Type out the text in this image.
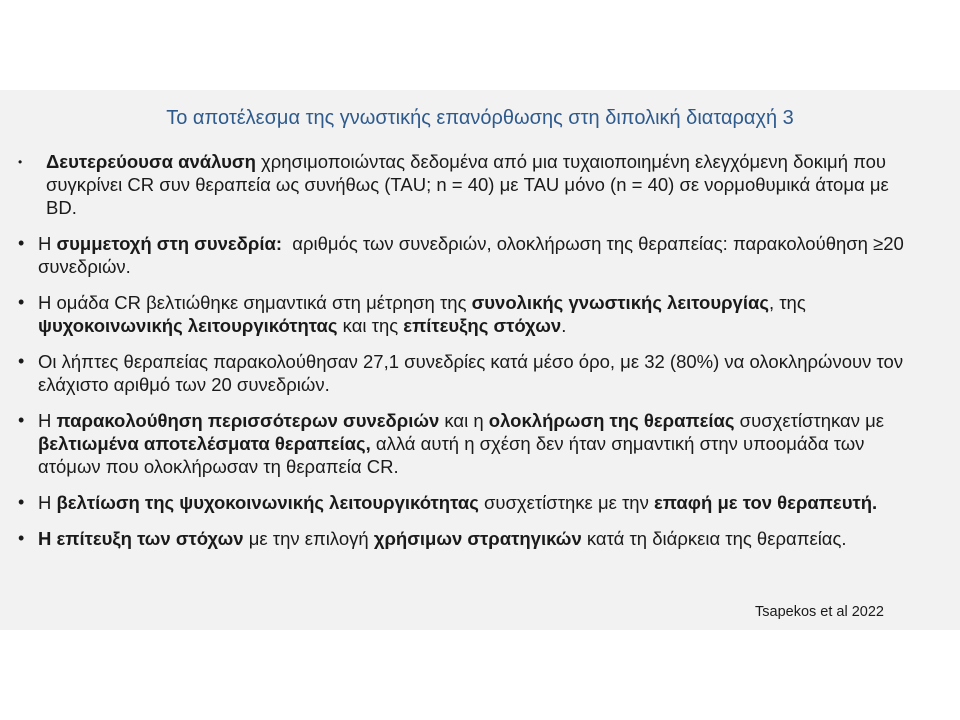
Το αποτέλεσμα της γνωστικής επανόρθωσης στη διπολική διαταραχή 3
• Δευτερεύουσα ανάλυση χρησιμοποιώντας δεδομένα από μια τυχαιοποιημένη ελεγχόμενη δοκιμή που συγκρίνει CR συν θεραπεία ως συνήθως (TAU; n = 40) με TAU μόνο (n = 40) σε νορμοθυμικά άτομα με BD.
• Η συμμετοχή στη συνεδρία:  αριθμός των συνεδριών, ολοκλήρωση της θεραπείας: παρακολούθηση ≥20 συνεδριών.
• Η ομάδα CR βελτιώθηκε σημαντικά στη μέτρηση της συνολικής γνωστικής λειτουργίας, της ψυχοκοινωνικής λειτουργικότητας και της επίτευξης στόχων.
• Οι λήπτες θεραπείας παρακολούθησαν 27,1 συνεδρίες κατά μέσο όρο, με 32 (80%) να ολοκληρώνουν τον ελάχιστο αριθμό των 20 συνεδριών.
• Η παρακολούθηση περισσότερων συνεδριών και η ολοκλήρωση της θεραπείας συσχετίστηκαν με βελτιωμένα αποτελέσματα θεραπείας, αλλά αυτή η σχέση δεν ήταν σημαντική στην υποομάδα των ατόμων που ολοκλήρωσαν τη θεραπεία CR.
• Η βελτίωση της ψυχοκοινωνικής λειτουργικότητας συσχετίστηκε με την επαφή με τον θεραπευτή.
• Η επίτευξη των στόχων με την επιλογή χρήσιμων στρατηγικών κατά τη διάρκεια της θεραπείας.
Tsapekos et al 2022
